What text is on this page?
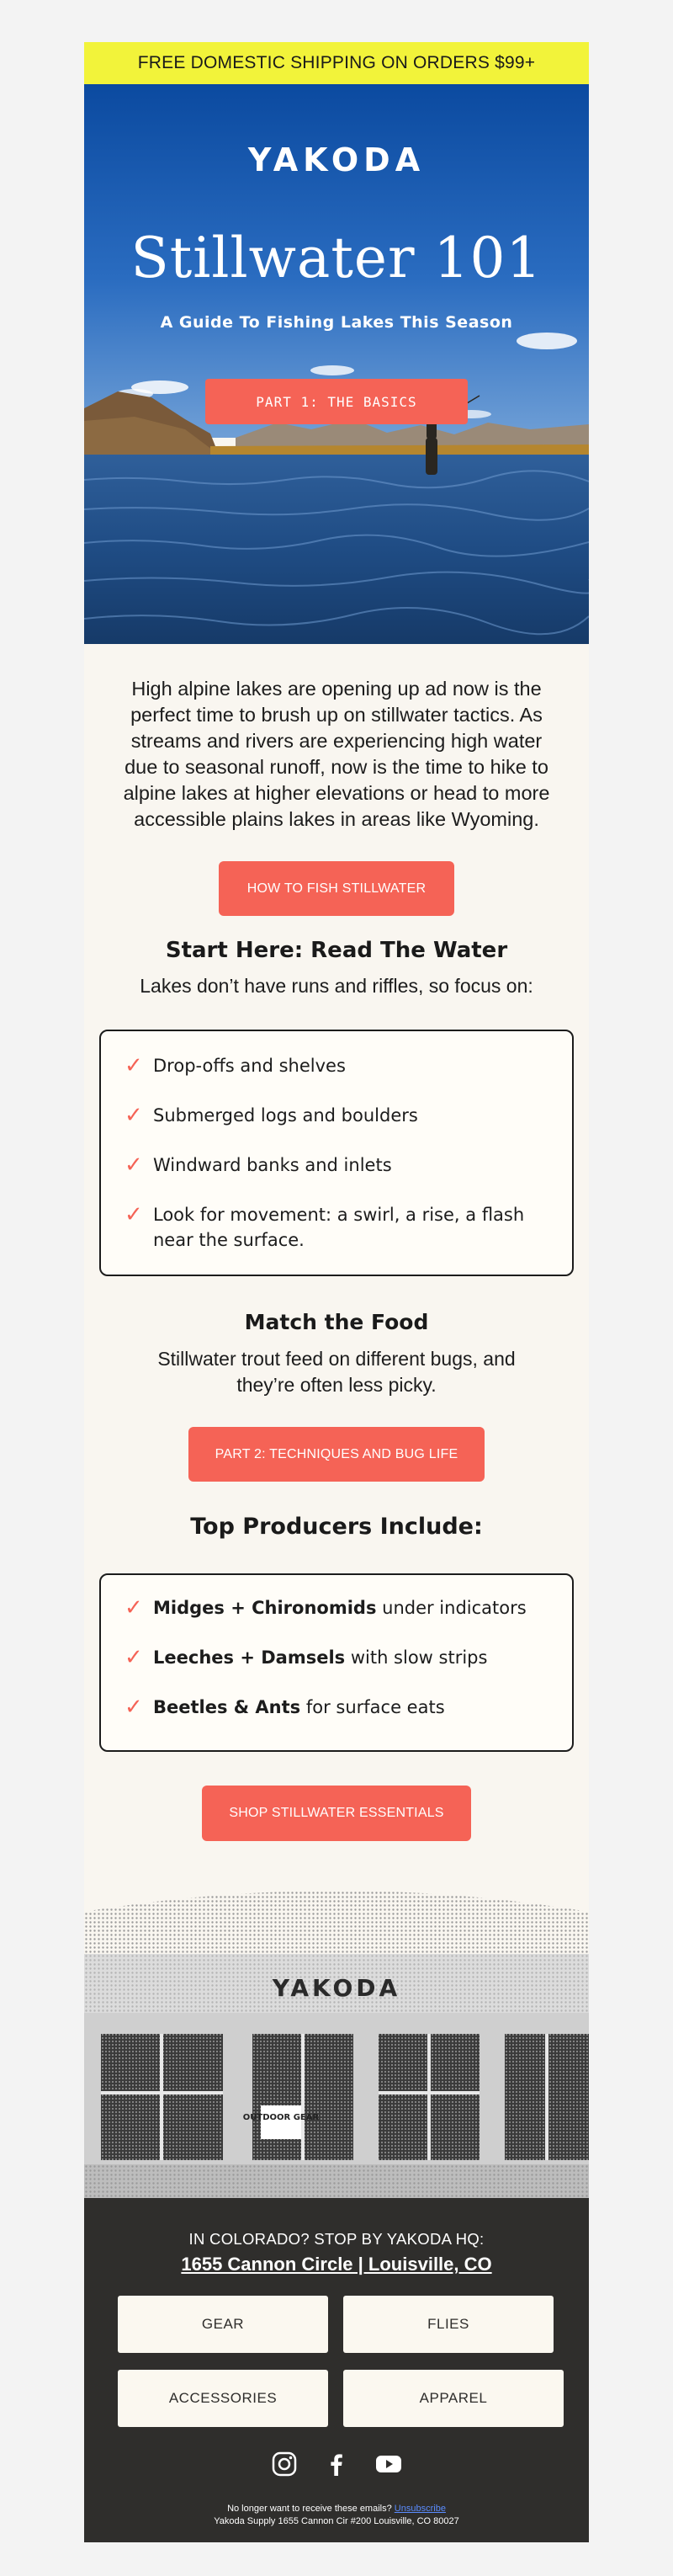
FREE DOMESTIC SHIPPING ON ORDERS $99+
YAKODA
Stillwater 101
A Guide To Fishing Lakes This Season
PART 1: THE BASICS
High alpine lakes are opening up ad now is the perfect time to brush up on stillwater tactics. As streams and rivers are experiencing high water due to seasonal runoff, now is the time to hike to alpine lakes at higher elevations or head to more accessible plains lakes in areas like Wyoming.
HOW TO FISH STILLWATER
Start Here: Read The Water
Lakes don’t have runs and riffles, so focus on:
✓ Drop-offs and shelves
✓ Submerged logs and boulders
✓ Windward banks and inlets
✓ Look for movement: a swirl, a rise, a flash near the surface.
Match the Food
Stillwater trout feed on different bugs, and they’re often less picky.
PART 2: TECHNIQUES AND BUG LIFE
Top Producers Include:
✓ Midges + Chironomids under indicators
✓ Leeches + Damsels with slow strips
✓ Beetles & Ants for surface eats
SHOP STILLWATER ESSENTIALS
YAKODA
OUTDOOR GEAR
IN COLORADO? STOP BY YAKODA HQ:
1655 Cannon Circle | Louisville, CO
GEAR	FLIES
ACCESSORIES	APPAREL
No longer want to receive these emails? Unsubscribe
Yakoda Supply 1655 Cannon Cir #200 Louisville, CO 80027
